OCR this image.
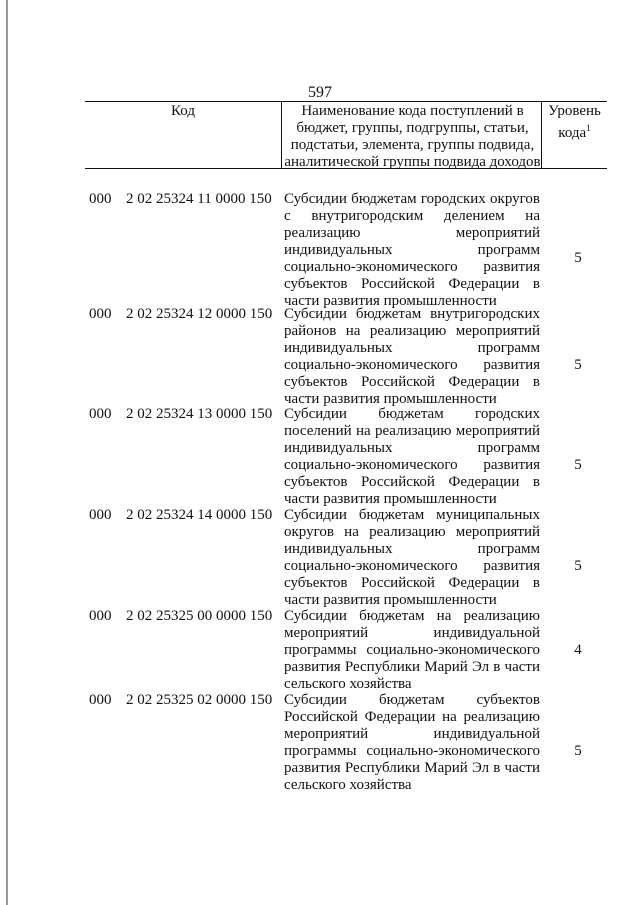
597
Код	Наименование кода поступлений в
бюджет, группы, подгруппы, статьи,
подстатьи, элемента, группы подвида,
аналитической группы подвида доходов
Уровень
кода$^1$
000 2 02 25324 11 0000 150 Субсидии бюджетам городских округов
с внутригородским делением на
реализацию мероприятий
индивидуальных программ
социально-экономического развития
субъектов Российской Федерации в
части развития промышленности
5
000 2 02 25324 12 0000 150 Субсидии бюджетам внутригородских
районов на реализацию мероприятий
индивидуальных программ
социально-экономического развития
субъектов Российской Федерации в
части развития промышленности
5
000 2 02 25324 13 0000 150 Субсидии бюджетам городских
поселений на реализацию мероприятий
индивидуальных программ
социально-экономического развития
субъектов Российской Федерации в
части развития промышленности
5
000 2 02 25324 14 0000 150 Субсидии бюджетам муниципальных
округов на реализацию мероприятий
индивидуальных программ
социально-экономического развития
субъектов Российской Федерации в
части развития промышленности
5
000 2 02 25325 00 0000 150 Субсидии бюджетам на реализацию
мероприятий индивидуальной
программы социально-экономического
развития Республики Марий Эл в части
сельского хозяйства
4
000 2 02 25325 02 0000 150 Субсидии бюджетам субъектов
Российской Федерации на реализацию
мероприятий индивидуальной
программы социально-экономического
развития Республики Марий Эл в части
сельского хозяйства
5
